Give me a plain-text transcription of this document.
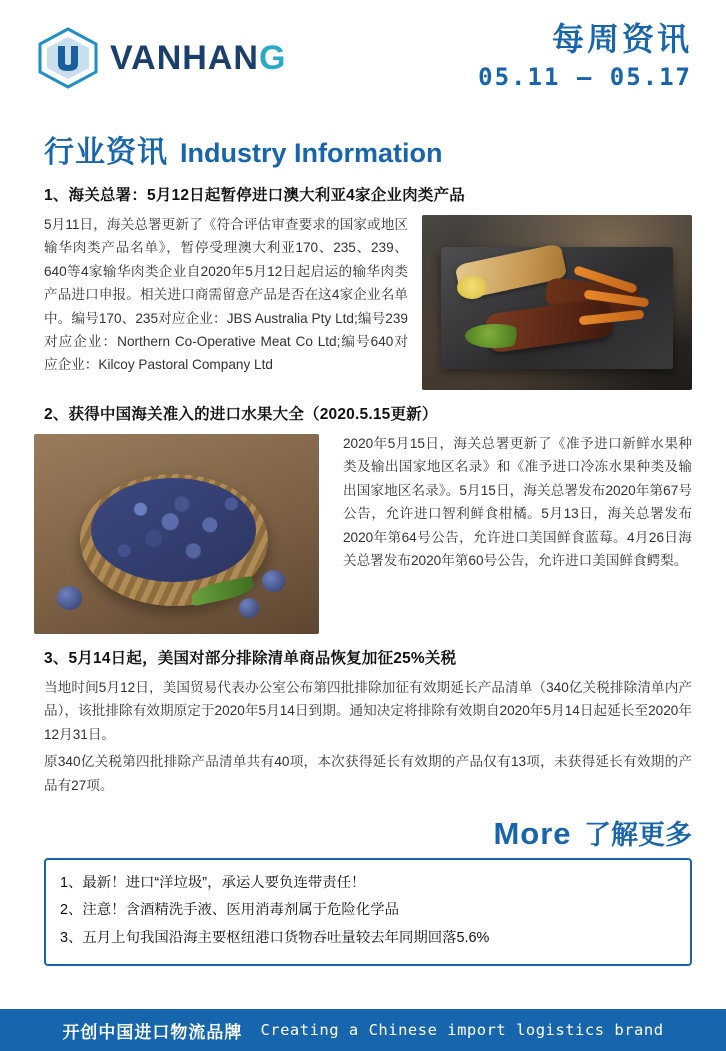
VANHANG	每周资讯
05.11 — 05.17
行业资讯 Industry Information
1、海关总署：5月12日起暂停进口澳大利亚4家企业肉类产品
5月11日，海关总署更新了《符合评估审查要求的国家或地区输华肉类产品名单》，暂停受理澳大利亚170、235、239、640等4家输华肉类企业自2020年5月12日起启运的输华肉类产品进口申报。相关进口商需留意产品是否在这4家企业名单中。编号170、235对应企业：JBS Australia Pty Ltd;编号239对应企业：Northern Co-Operative Meat Co Ltd;编号640对应企业：Kilcoy Pastoral Company Ltd
2、获得中国海关准入的进口水果大全（2020.5.15更新）
2020年5月15日，海关总署更新了《准予进口新鲜水果种类及输出国家地区名录》和《准予进口冷冻水果种类及输出国家地区名录》。5月15日，海关总署发布2020年第67号公告，允许进口智利鲜食柑橘。5月13日，海关总署发布2020年第64号公告，允许进口美国鲜食蓝莓。4月26日海关总署发布2020年第60号公告，允许进口美国鲜食鳄梨。
3、5月14日起，美国对部分排除清单商品恢复加征25%关税

当地时间5月12日，美国贸易代表办公室公布第四批排除加征有效期延长产品清单（340亿关税排除清单内产品），该批排除有效期原定于2020年5月14日到期。通知决定将排除有效期自2020年5月14日起延长至2020年12月31日。

原340亿关税第四批排除产品清单共有40项，本次获得延长有效期的产品仅有13项，未获得延长有效期的产品有27项。

More 了解更多
1、最新！进口“洋垃圾”，承运人要负连带责任！
2、注意！含酒精洗手液、医用消毒剂属于危险化学品
3、五月上旬我国沿海主要枢纽港口货物吞吐量较去年同期回落5.6%
开创中国进口物流品牌 Creating a Chinese import logistics brand
